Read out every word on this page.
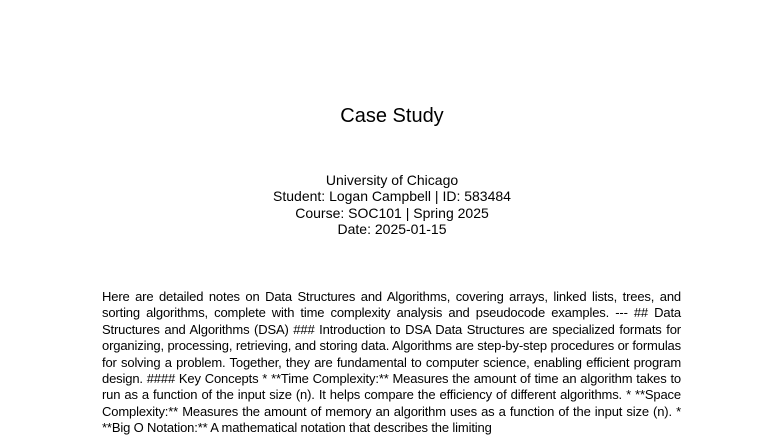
Case Study
University of Chicago
Student: Logan Campbell | ID: 583484
Course: SOC101 | Spring 2025
Date: 2025-01-15
Here are detailed notes on Data Structures and Algorithms, covering arrays, linked lists, trees, and sorting algorithms, complete with time complexity analysis and pseudocode examples. --- ## Data Structures and Algorithms (DSA) ### Introduction to DSA Data Structures are specialized formats for organizing, processing, retrieving, and storing data. Algorithms are step-by-step procedures or formulas for solving a problem. Together, they are fundamental to computer science, enabling efficient program design. #### Key Concepts * **Time Complexity:** Measures the amount of time an algorithm takes to run as a function of the input size (n). It helps compare the efficiency of different algorithms. * **Space Complexity:** Measures the amount of memory an algorithm uses as a function of the input size (n). * **Big O Notation:** A mathematical notation that describes the limiting
